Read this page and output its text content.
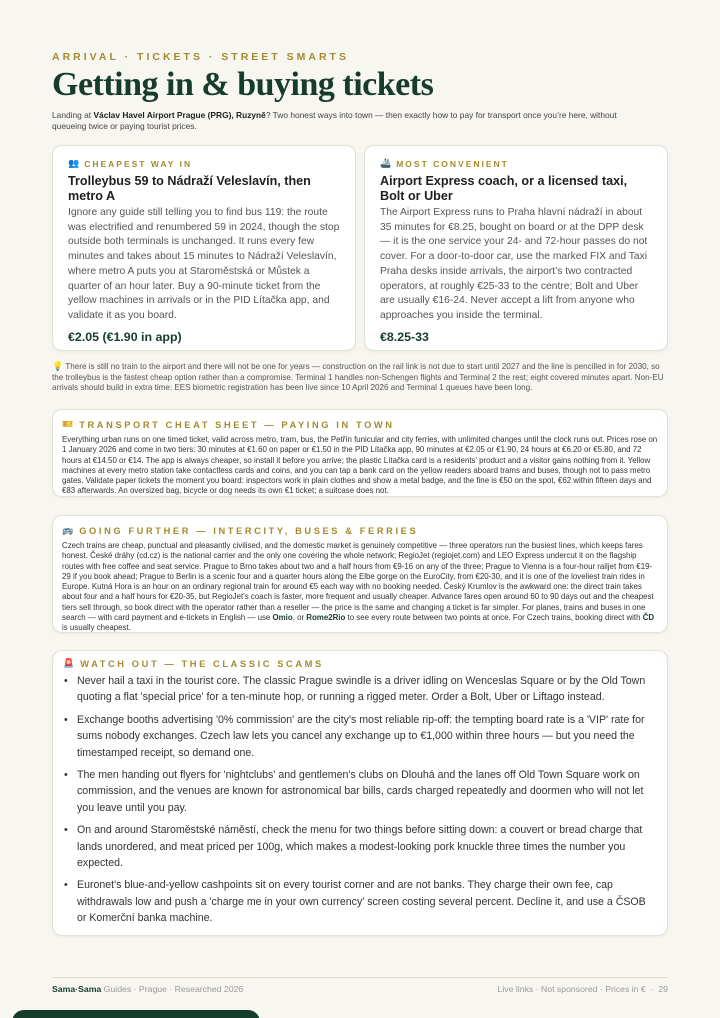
ARRIVAL · TICKETS · STREET SMARTS
Getting in & buying tickets

Landing at Václav Havel Airport Prague (PRG), Ruzyně? Two honest ways into town — then exactly how to pay for transport once you’re here, without queueing twice or paying tourist prices.

👥 CHEAPEST WAY IN
Trolleybus 59 to Nádraží Veleslavín, then metro A
Ignore any guide still telling you to find bus 119: the route was electrified and renumbered 59 in 2024, though the stop outside both terminals is unchanged. It runs every few minutes and takes about 15 minutes to Nádraží Veleslavín, where metro A puts you at Staroměstská or Můstek a quarter of an hour later. Buy a 90-minute ticket from the yellow machines in arrivals or in the PID Lítačka app, and validate it as you board.
€2.05 (€1.90 in app)
🚢 MOST CONVENIENT
Airport Express coach, or a licensed taxi, Bolt or Uber
The Airport Express runs to Praha hlavní nádraží in about 35 minutes for €8.25, bought on board or at the DPP desk — it is the one service your 24- and 72-hour passes do not cover. For a door-to-door car, use the marked FIX and Taxi Praha desks inside arrivals, the airport’s two contracted operators, at roughly €25-33 to the centre; Bolt and Uber are usually €16-24. Never accept a lift from anyone who approaches you inside the terminal.
€8.25-33

💡 There is still no train to the airport and there will not be one for years — construction on the rail link is not due to start until 2027 and the line is pencilled in for 2030, so the trolleybus is the fastest cheap option rather than a compromise. Terminal 1 handles non-Schengen flights and Terminal 2 the rest; eight covered minutes apart. Non-EU arrivals should build in extra time: EES biometric registration has been live since 10 April 2026 and Terminal 1 queues have been long.

🎫 TRANSPORT CHEAT SHEET — PAYING IN TOWN

Everything urban runs on one timed ticket, valid across metro, tram, bus, the Petřín funicular and city ferries, with unlimited changes until the clock runs out. Prices rose on 1 January 2026 and come in two tiers: 30 minutes at €1.60 on paper or €1.50 in the PID Lítačka app, 90 minutes at €2.05 or €1.90, 24 hours at €6.20 or €5.80, and 72 hours at €14.50 or €14. The app is always cheaper, so install it before you arrive; the plastic Lítačka card is a residents’ product and a visitor gains nothing from it. Yellow machines at every metro station take contactless cards and coins, and you can tap a bank card on the yellow readers aboard trams and buses, though not to pass metro gates. Validate paper tickets the moment you board: inspectors work in plain clothes and show a metal badge, and the fine is €50 on the spot, €62 within fifteen days and €83 afterwards. An oversized bag, bicycle or dog needs its own €1 ticket; a suitcase does not.

🚌 GOING FURTHER — INTERCITY, BUSES & FERRIES

Czech trains are cheap, punctual and pleasantly civilised, and the domestic market is genuinely competitive — three operators run the busiest lines, which keeps fares honest. České dráhy (cd.cz) is the national carrier and the only one covering the whole network; RegioJet (regiojet.com) and LEO Express undercut it on the flagship routes with free coffee and seat service. Prague to Brno takes about two and a half hours from €9-16 on any of the three; Prague to Vienna is a four-hour railjet from €19-29 if you book ahead; Prague to Berlin is a scenic four and a quarter hours along the Elbe gorge on the EuroCity, from €20-30, and it is one of the loveliest train rides in Europe. Kutná Hora is an hour on an ordinary regional train for around €5 each way with no booking needed. Český Krumlov is the awkward one: the direct train takes about four and a half hours for €20-35, but RegioJet’s coach is faster, more frequent and usually cheaper. Advance fares open around 60 to 90 days out and the cheapest tiers sell through, so book direct with the operator rather than a reseller — the price is the same and changing a ticket is far simpler. For planes, trains and buses in one search — with card payment and e-tickets in English — use Omio, or Rome2Rio to see every route between two points at once. For Czech trains, booking direct with ČD is usually cheapest.

🚨 WATCH OUT — THE CLASSIC SCAMS
• Never hail a taxi in the tourist core. The classic Prague swindle is a driver idling on Wenceslas Square or by the Old Town quoting a flat 'special price' for a ten-minute hop, or running a rigged meter. Order a Bolt, Uber or Liftago instead.
• Exchange booths advertising '0% commission' are the city's most reliable rip-off: the tempting board rate is a 'VIP' rate for sums nobody exchanges. Czech law lets you cancel any exchange up to €1,000 within three hours — but you need the timestamped receipt, so demand one.
• The men handing out flyers for 'nightclubs' and gentlemen's clubs on Dlouhá and the lanes off Old Town Square work on commission, and the venues are known for astronomical bar bills, cards charged repeatedly and doormen who will not let you leave until you pay.
• On and around Staroměstské náměstí, check the menu for two things before sitting down: a couvert or bread charge that lands unordered, and meat priced per 100g, which makes a modest-looking pork knuckle three times the number you expected.
• Euronet's blue-and-yellow cashpoints sit on every tourist corner and are not banks. They charge their own fee, cap withdrawals low and push a 'charge me in your own currency' screen costing several percent. Decline it, and use a ČSOB or Komerční banka machine.
Sama·Sama Guides · Prague · Researched 2026	Live links · Not sponsored · Prices in €  ·  29
